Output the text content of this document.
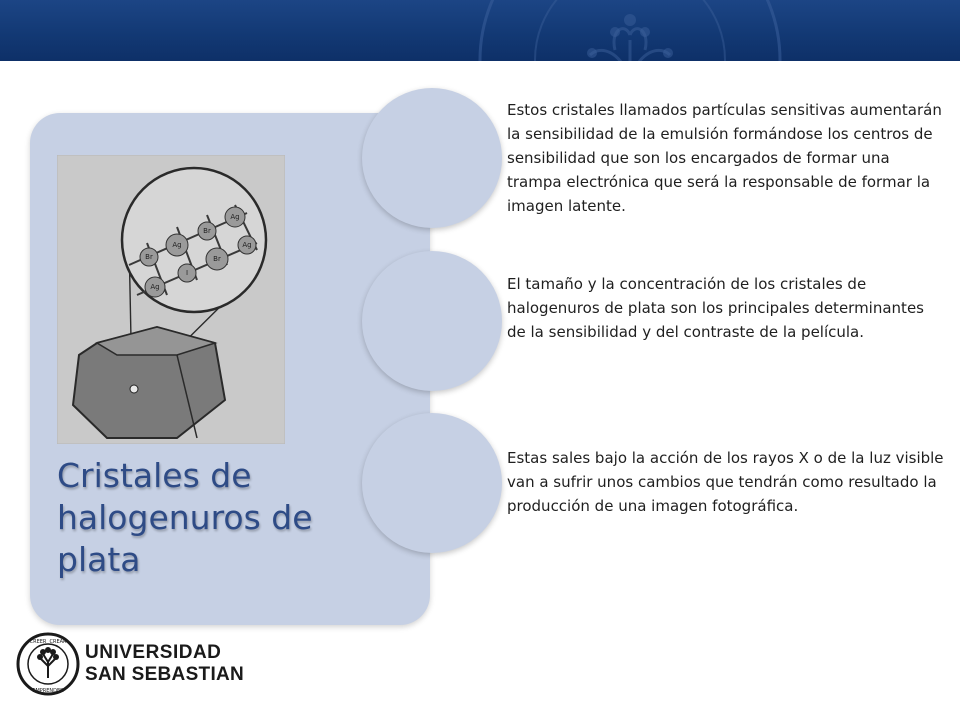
Ag
Br
Ag
Br
Ag
I
Br
Ag
Cristales de halogenuros de plata

Estos cristales llamados partículas sensitivas aumentarán la sensibilidad de la emulsión formándose los centros de sensibilidad que son los encargados de formar una trampa electrónica que será la responsable de formar la imagen latente.

El tamaño y la concentración de los cristales de halogenuros de plata son los principales determinantes de la sensibilidad y del contraste de la película.

Estas sales bajo la acción de los rayos X o de la luz visible van a sufrir unos cambios que tendrán como resultado la producción de una imagen fotográfica.

CREER CREAR
EMPRENDER
UNIVERSIDAD
SAN SEBASTIAN
